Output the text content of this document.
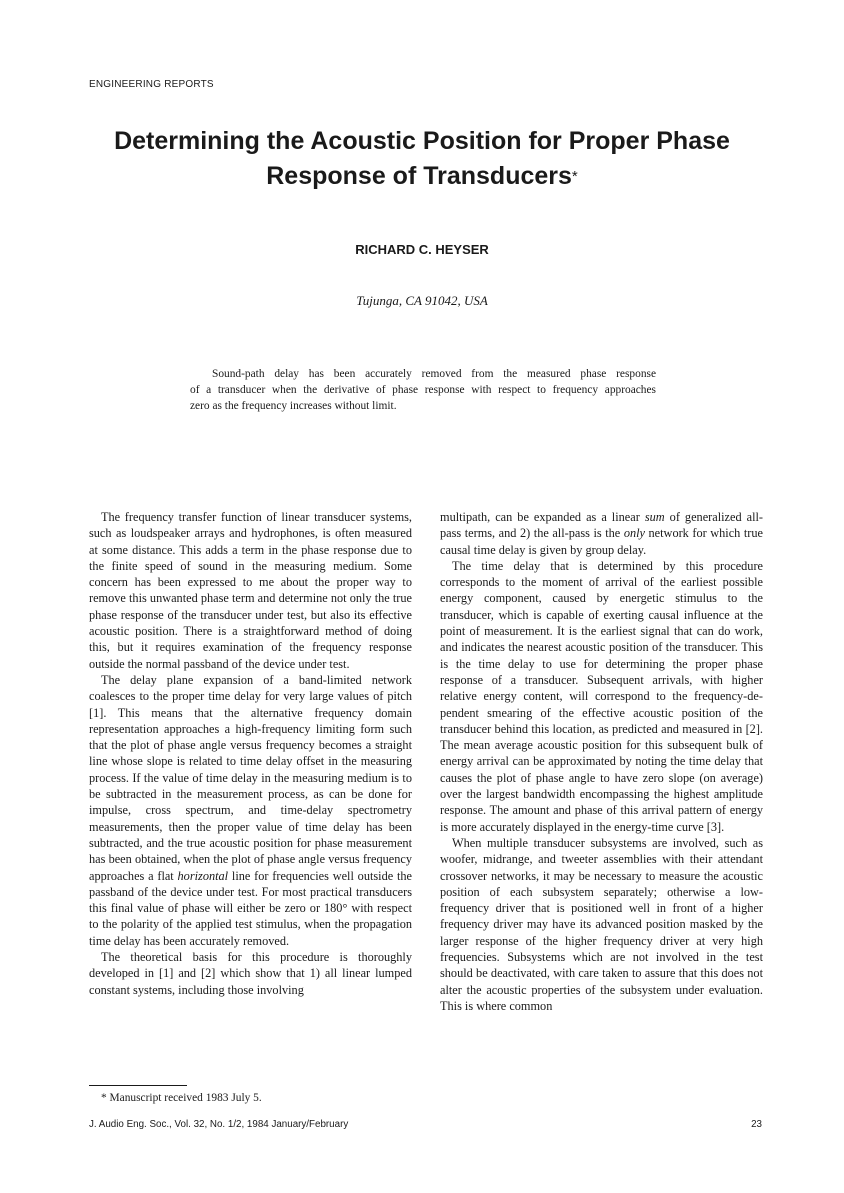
ENGINEERING REPORTS
Determining the Acoustic Position for Proper Phase
Response of Transducers*
RICHARD C. HEYSER
Tujunga, CA 91042, USA
Sound-path delay has been accurately removed from the measured phase response
of a transducer when the derivative of phase response with respect to frequency approaches
zero as the frequency increases without limit.

The frequency transfer function of linear transducer systems, such as loudspeaker arrays and hydrophones, is often measured at some distance. This adds a term in the phase response due to the finite speed of sound in the measuring medium. Some concern has been expressed to me about the proper way to remove this unwanted phase term and determine not only the true phase response of the transducer under test, but also its effective acoustic position. There is a straightforward method of doing this, but it requires examination of the frequency response outside the normal passband of the device under test.

The delay plane expansion of a band-limited network coalesces to the proper time delay for very large values of pitch [1]. This means that the alternative frequency domain representation approaches a high-frequency limiting form such that the plot of phase angle versus frequency becomes a straight line whose slope is related to time delay offset in the measuring process. If the value of time delay in the measuring medium is to be subtracted in the measurement process, as can be done for impulse, cross spectrum, and time-delay spectrometry measurements, then the proper value of time delay has been subtracted, and the true acoustic position for phase measurement has been obtained, when the plot of phase angle versus frequency approaches a flat horizontal line for frequencies well outside the passband of the device under test. For most practical transducers this final value of phase will either be zero or 180° with respect to the polarity of the applied test stimulus, when the propagation time delay has been accurately removed.

The theoretical basis for this procedure is thoroughly developed in [1] and [2] which show that 1) all linear lumped constant systems, including those involving

multipath, can be expanded as a linear sum of generalized all-pass terms, and 2) the all-pass is the only network for which true causal time delay is given by group delay.

The time delay that is determined by this procedure corresponds to the moment of arrival of the earliest possible energy component, caused by energetic stimulus to the transducer, which is capable of exerting causal influence at the point of measurement. It is the earliest signal that can do work, and indicates the nearest acoustic position of the transducer. This is the time delay to use for determining the proper phase response of a transducer. Subsequent arrivals, with higher relative energy content, will correspond to the frequency-dependent smearing of the effective acoustic position of the transducer behind this location, as predicted and measured in [2]. The mean average acoustic position for this subsequent bulk of energy arrival can be approximated by noting the time delay that causes the plot of phase angle to have zero slope (on average) over the largest bandwidth encompassing the highest amplitude response. The amount and phase of this arrival pattern of energy is more accurately displayed in the energy-time curve [3].

When multiple transducer subsystems are involved, such as woofer, midrange, and tweeter assemblies with their attendant crossover networks, it may be necessary to measure the acoustic position of each subsystem separately; otherwise a low-frequency driver that is positioned well in front of a higher frequency driver may have its advanced position masked by the larger response of the higher frequency driver at very high frequencies. Subsystems which are not involved in the test should be deactivated, with care taken to assure that this does not alter the acoustic properties of the subsystem under evaluation. This is where common

* Manuscript received 1983 July 5.
J. Audio Eng. Soc., Vol. 32, No. 1/2, 1984 January/February	23
